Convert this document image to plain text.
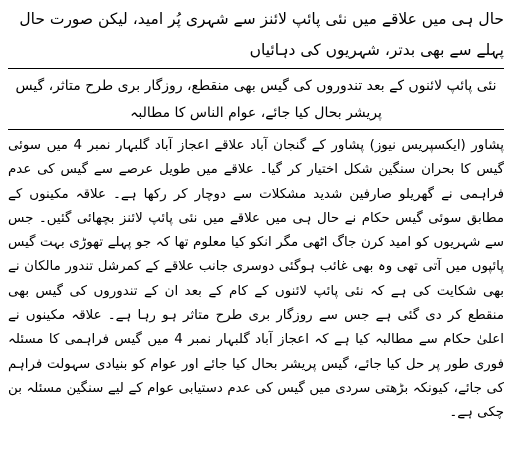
حال ہی میں علاقے میں نئی پائپ لائنز سے شہری پُر امید، لیکن صورت حال پہلے سے بھی بدتر، شہریوں کی دہائیاں

نئی پائپ لائنوں کے بعد تندوروں کی گیس بھی منقطع، روزگار بری طرح متاثر، گیس پریشر بحال کیا جائے، عوام الناس کا مطالبہ

پشاور (ایکسپریس نیوز) پشاور کے گنجان آباد علاقے اعجاز آباد گلبہار نمبر 4 میں سوئی گیس کا بحران سنگین شکل اختیار کر گیا۔ علاقے میں طویل عرصے سے گیس کی عدم فراہمی نے گھریلو صارفین شدید مشکلات سے دوچار کر رکھا ہے۔ علاقہ مکینوں کے مطابق سوئی گیس حکام نے حال ہی میں علاقے میں نئی پائپ لائنز بچھائی گئیں۔ جس سے شہریوں کو امید کرن جاگ اٹھی مگر انکو کیا معلوم تھا کہ جو پہلے تھوڑی بہت گیس پائپوں میں آتی تھی وہ بھی غائب ہوگئی دوسری جانب علاقے کے کمرشل تندور مالکان نے بھی شکایت کی ہے کہ نئی پائپ لائنوں کے کام کے بعد ان کے تندوروں کی گیس بھی منقطع کر دی گئی ہے جس سے روزگار بری طرح متاثر ہو رہا ہے۔ علاقہ مکینوں نے اعلیٰ حکام سے مطالبہ کیا ہے کہ اعجاز آباد گلبہار نمبر 4 میں گیس فراہمی کا مسئلہ فوری طور پر حل کیا جائے، گیس پریشر بحال کیا جائے اور عوام کو بنیادی سہولت فراہم کی جائے، کیونکہ بڑھتی سردی میں گیس کی عدم دستیابی عوام کے لیے سنگین مسئلہ بن چکی ہے۔
